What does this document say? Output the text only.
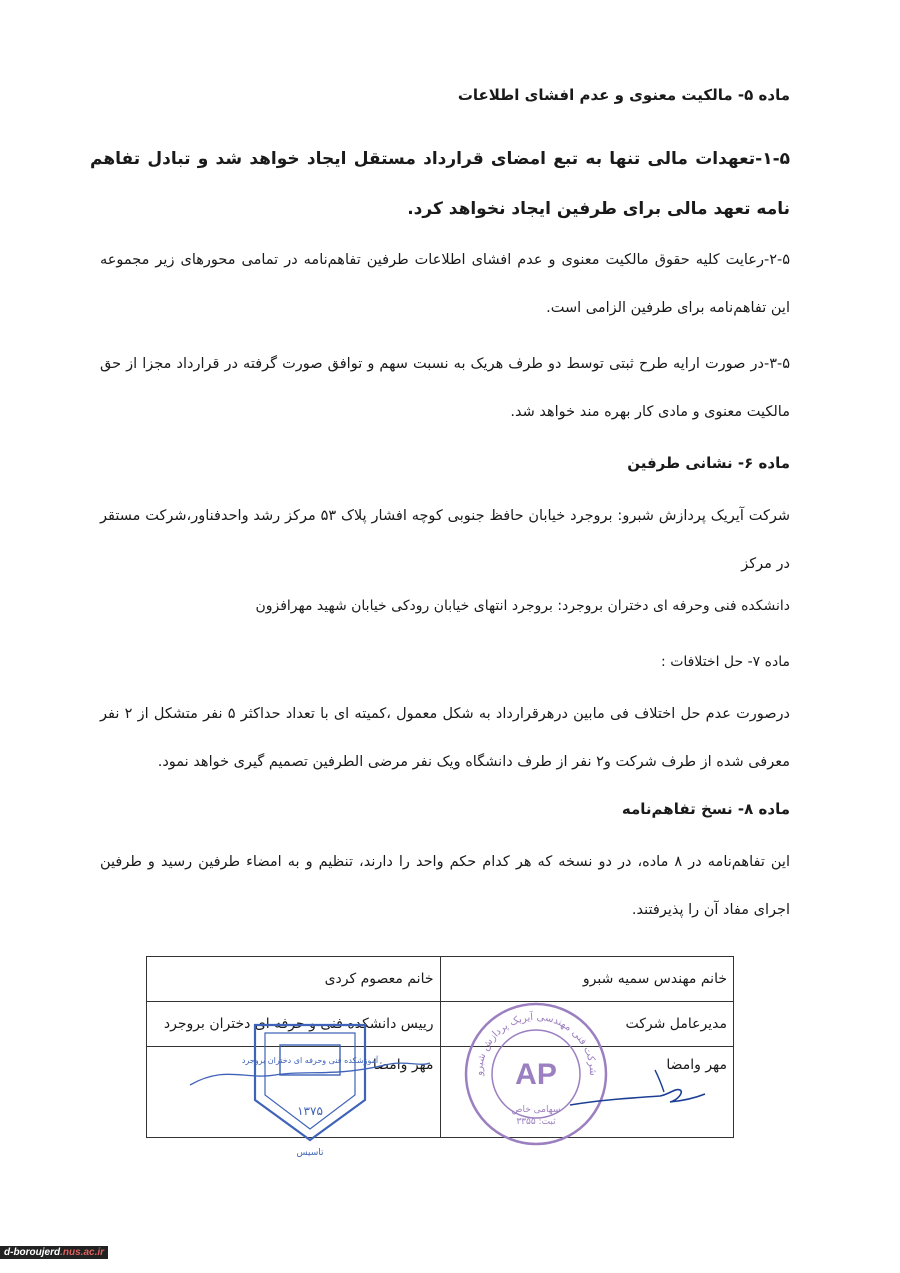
ماده ۵- مالکیت معنوی و عدم افشای اطلاعات
۱-۵-تعهدات مالی تنها به تبع امضای قرارداد مستقل ایجاد خواهد شد و تبادل تفاهم نامه تعهد مالی برای طرفین ایجاد نخواهد کرد.
۲-۵-رعایت کلیه حقوق مالکیت معنوی و عدم افشای اطلاعات طرفین تفاهم‌نامه در تمامی محورهای زیر مجموعه این تفاهم‌نامه برای طرفین الزامی است.
۳-۵-در صورت ارایه طرح ثبتی توسط دو طرف هریک به نسبت سهم و توافق صورت گرفته در قرارداد مجزا از حق مالکیت معنوی و مادی کار بهره مند خواهد شد.
ماده ۶- نشانی طرفین
شرکت آیریک پردازش شبرو: بروجرد خیابان حافظ جنوبی کوچه افشار پلاک ۵۳ مرکز رشد واحدفناور،شرکت مستقر در مرکز
دانشکده فنی وحرفه ای دختران بروجرد: بروجرد انتهای خیابان رودکی خیابان شهید مهرافزون
ماده ۷- حل اختلافات :
درصورت عدم حل اختلاف فی مابین درهرقرارداد به شکل معمول ،کمیته ای با تعداد حداکثر ۵ نفر متشکل از ۲ نفر معرفی شده از طرف شرکت و۲ نفر از طرف دانشگاه ویک نفر مرضی الطرفین تصمیم گیری خواهد نمود.
ماده ۸- نسخ تفاهم‌نامه
این تفاهم‌نامه در ۸ ماده، در دو نسخه که هر کدام حکم واحد را دارند، تنظیم و به امضاء طرفین رسید و طرفین اجرای مفاد آن را پذیرفتند.
خانم مهندس سمیه شبرو	خانم معصوم کردی
مدیرعامل شرکت	رییس دانشکده فنی و حرفه ای دختران بروجرد
مهر وامضا	مهر وامضا
شرکت فنی مهندسی آیریک پردازش شبرو
AP
سهامی خاص
ثبت: ۳۳۵۵
آموزشکده فنی وحرفه ای دختران بروجرد
۱۳۷۵
تاسیس
d-boroujerd.nus.ac.ir
